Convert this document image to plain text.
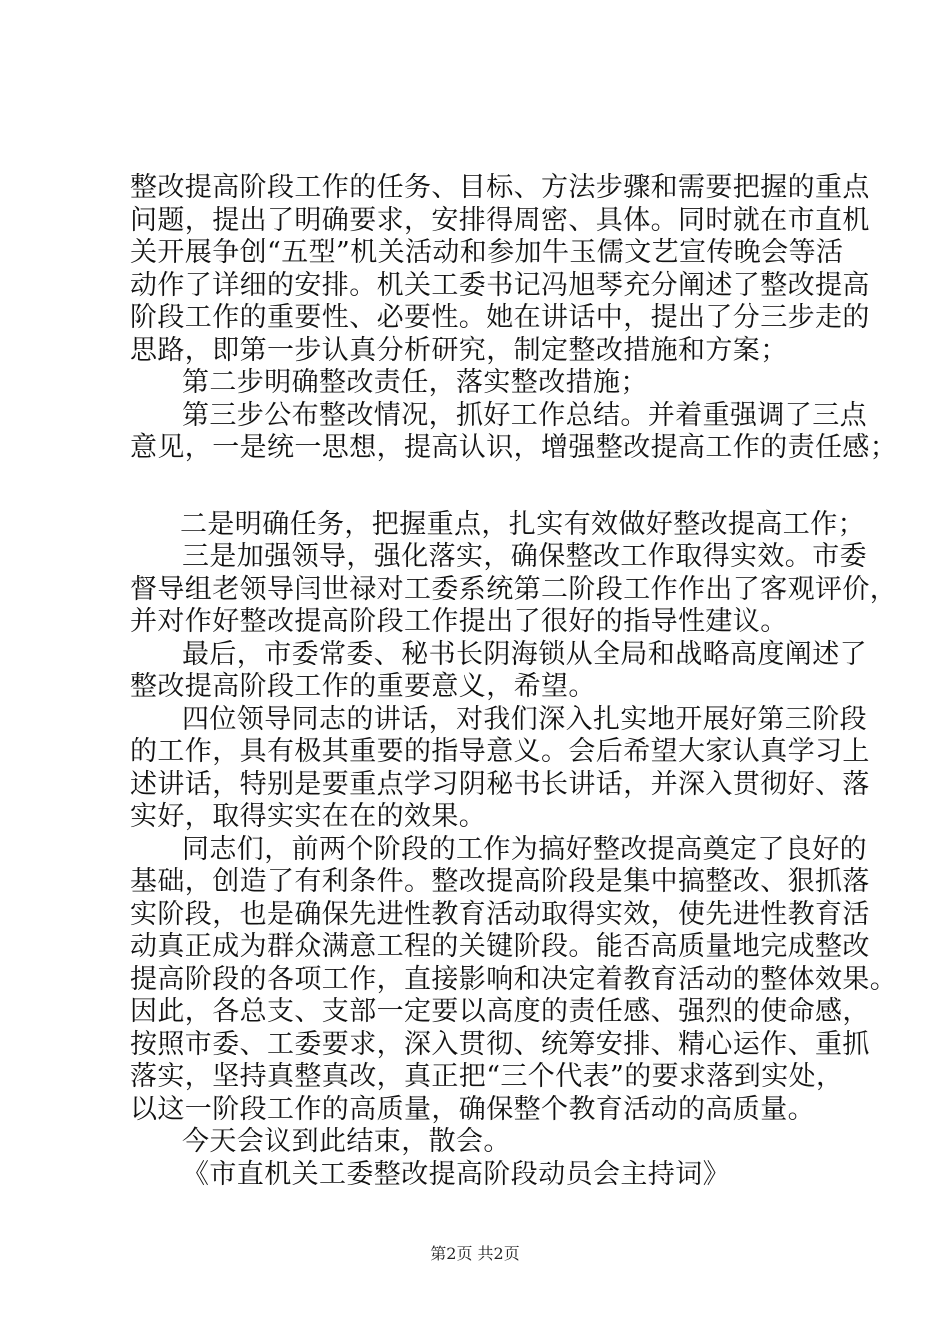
整改提高阶段工作的任务、目标、方法步骤和需要把握的重点
问题，提出了明确要求，安排得周密、具体。同时就在市直机
关开展争创“五型”机关活动和参加牛玉儒文艺宣传晚会等活
动作了详细的安排。机关工委书记冯旭琴充分阐述了整改提高
阶段工作的重要性、必要性。她在讲话中，提出了分三步走的
思路，即第一步认真分析研究，制定整改措施和方案；
第二步明确整改责任，落实整改措施；
第三步公布整改情况，抓好工作总结。并着重强调了三点
意见，一是统一思想，提高认识，增强整改提高工作的责任感；
二是明确任务，把握重点，扎实有效做好整改提高工作；
三是加强领导，强化落实，确保整改工作取得实效。市委
督导组老领导闫世禄对工委系统第二阶段工作作出了客观评价，
并对作好整改提高阶段工作提出了很好的指导性建议。
最后，市委常委、秘书长阴海锁从全局和战略高度阐述了
整改提高阶段工作的重要意义，希望。
四位领导同志的讲话，对我们深入扎实地开展好第三阶段
的工作，具有极其重要的指导意义。会后希望大家认真学习上
述讲话，特别是要重点学习阴秘书长讲话，并深入贯彻好、落
实好，取得实实在在的效果。
同志们，前两个阶段的工作为搞好整改提高奠定了良好的
基础，创造了有利条件。整改提高阶段是集中搞整改、狠抓落
实阶段，也是确保先进性教育活动取得实效，使先进性教育活
动真正成为群众满意工程的关键阶段。能否高质量地完成整改
提高阶段的各项工作，直接影响和决定着教育活动的整体效果。
因此，各总支、支部一定要以高度的责任感、强烈的使命感，
按照市委、工委要求，深入贯彻、统筹安排、精心运作、重抓
落实，坚持真整真改，真正把“三个代表”的要求落到实处，
以这一阶段工作的高质量，确保整个教育活动的高质量。
今天会议到此结束，散会。
《市直机关工委整改提高阶段动员会主持词》
第2页 共2页
